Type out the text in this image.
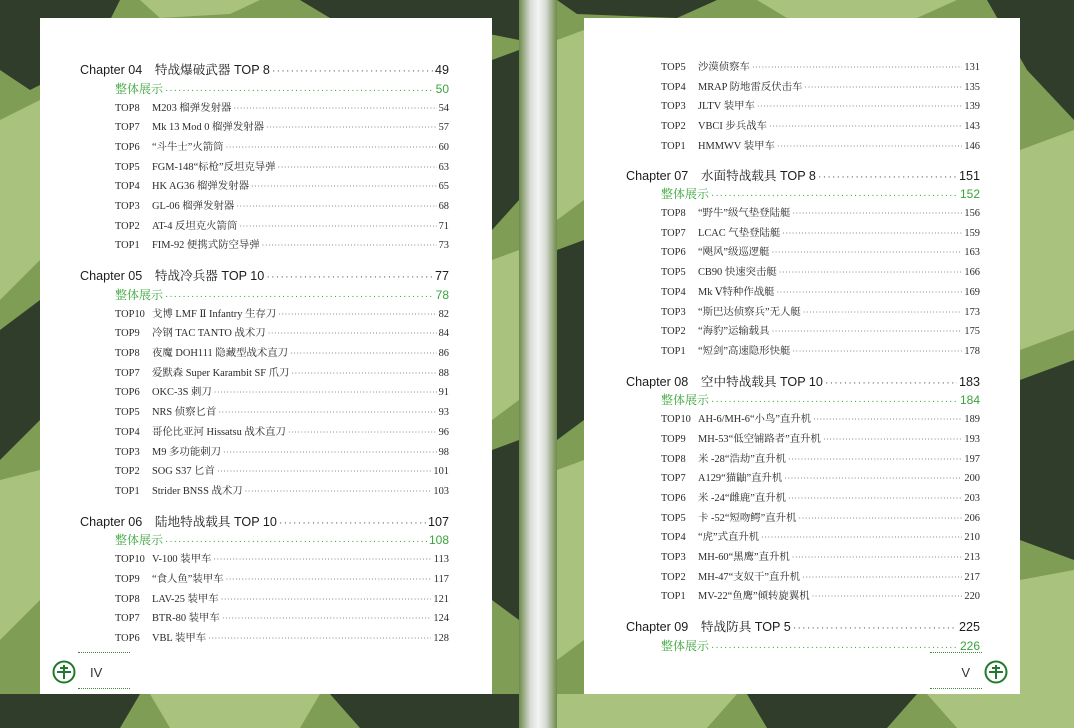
Chapter 04  特战爆破武器 TOP 8 ·····	49
整体展示 ·····	50
TOP8 M203 榴弹发射器 ·····	54
TOP7 Mk 13 Mod 0 榴弹发射器 ·····	57
TOP6 “斗牛士”火箭筒 ·····	60
TOP5 FGM-148“标枪”反坦克导弹 ·····	63
TOP4 HK AG36 榴弹发射器 ·····	65
TOP3 GL-06 榴弹发射器 ·····	68
TOP2 AT-4 反坦克火箭筒 ·····	71
TOP1 FIM-92 便携式防空导弹 ·····	73
Chapter 05  特战冷兵器 TOP 10 ·····	77
整体展示 ·····	78
TOP10 戈博 LMF Ⅱ Infantry 生存刀 ·····	82
TOP9 冷钢 TAC TANTO 战术刀 ·····	84
TOP8 夜魔 DOH111 隐藏型战术直刀 ·····	86
TOP7 爱默森 Super Karambit SF 爪刀 ·····	88
TOP6 OKC-3S 刺刀 ·····	91
TOP5 NRS 侦察匕首 ·····	93
TOP4 哥伦比亚河 Hissatsu 战术直刀 ·····	96
TOP3 M9 多功能刺刀 ·····	98
TOP2 SOG S37 匕首 ·····	101
TOP1 Strider BNSS 战术刀 ·····	103
Chapter 06  陆地特战载具 TOP 10 ·····	107
整体展示 ·····	108
TOP10 V-100 装甲车 ·····	113
TOP9 “食人鱼”装甲车 ·····	117
TOP8 LAV-25 装甲车 ·····	121
TOP7 BTR-80 装甲车 ·····	124
TOP6 VBL 装甲车 ·····	128
IV
TOP5 沙漠侦察车 ·····	131
TOP4 MRAP 防地雷反伏击车 ·····	135
TOP3 JLTV 装甲车 ·····	139
TOP2 VBCI 步兵战车 ·····	143
TOP1 HMMWV 装甲车 ·····	146
Chapter 07  水面特战载具 TOP 8 ·····	151
整体展示 ·····	152
TOP8 “野牛”级气垫登陆艇 ·····	156
TOP7 LCAC 气垫登陆艇 ·····	159
TOP6 “飓风”级巡逻艇 ·····	163
TOP5 CB90 快速突击艇 ·····	166
TOP4 Mk Ⅴ特种作战艇 ·····	169
TOP3 “斯巴达侦察兵”无人艇 ·····	173
TOP2 “海豹”运输载具 ·····	175
TOP1 “短剑”高速隐形快艇 ·····	178
Chapter 08  空中特战载具 TOP 10 ·····	183
整体展示 ·····	184
TOP10 AH-6/MH-6“小鸟”直升机 ·····	189
TOP9 MH-53“低空铺路者”直升机 ·····	193
TOP8 米 -28“浩劫”直升机 ·····	197
TOP7 A129“猫鼬”直升机 ·····	200
TOP6 米 -24“雌鹿”直升机 ·····	203
TOP5 卡 -52“短吻鳄”直升机 ·····	206
TOP4 “虎”式直升机 ·····	210
TOP3 MH-60“黑鹰”直升机 ·····	213
TOP2 MH-47“支奴干”直升机 ·····	217
TOP1 MV-22“鱼鹰”倾转旋翼机 ·····	220
Chapter 09  特战防具 TOP 5 ·····	225
整体展示 ·····	226
V
